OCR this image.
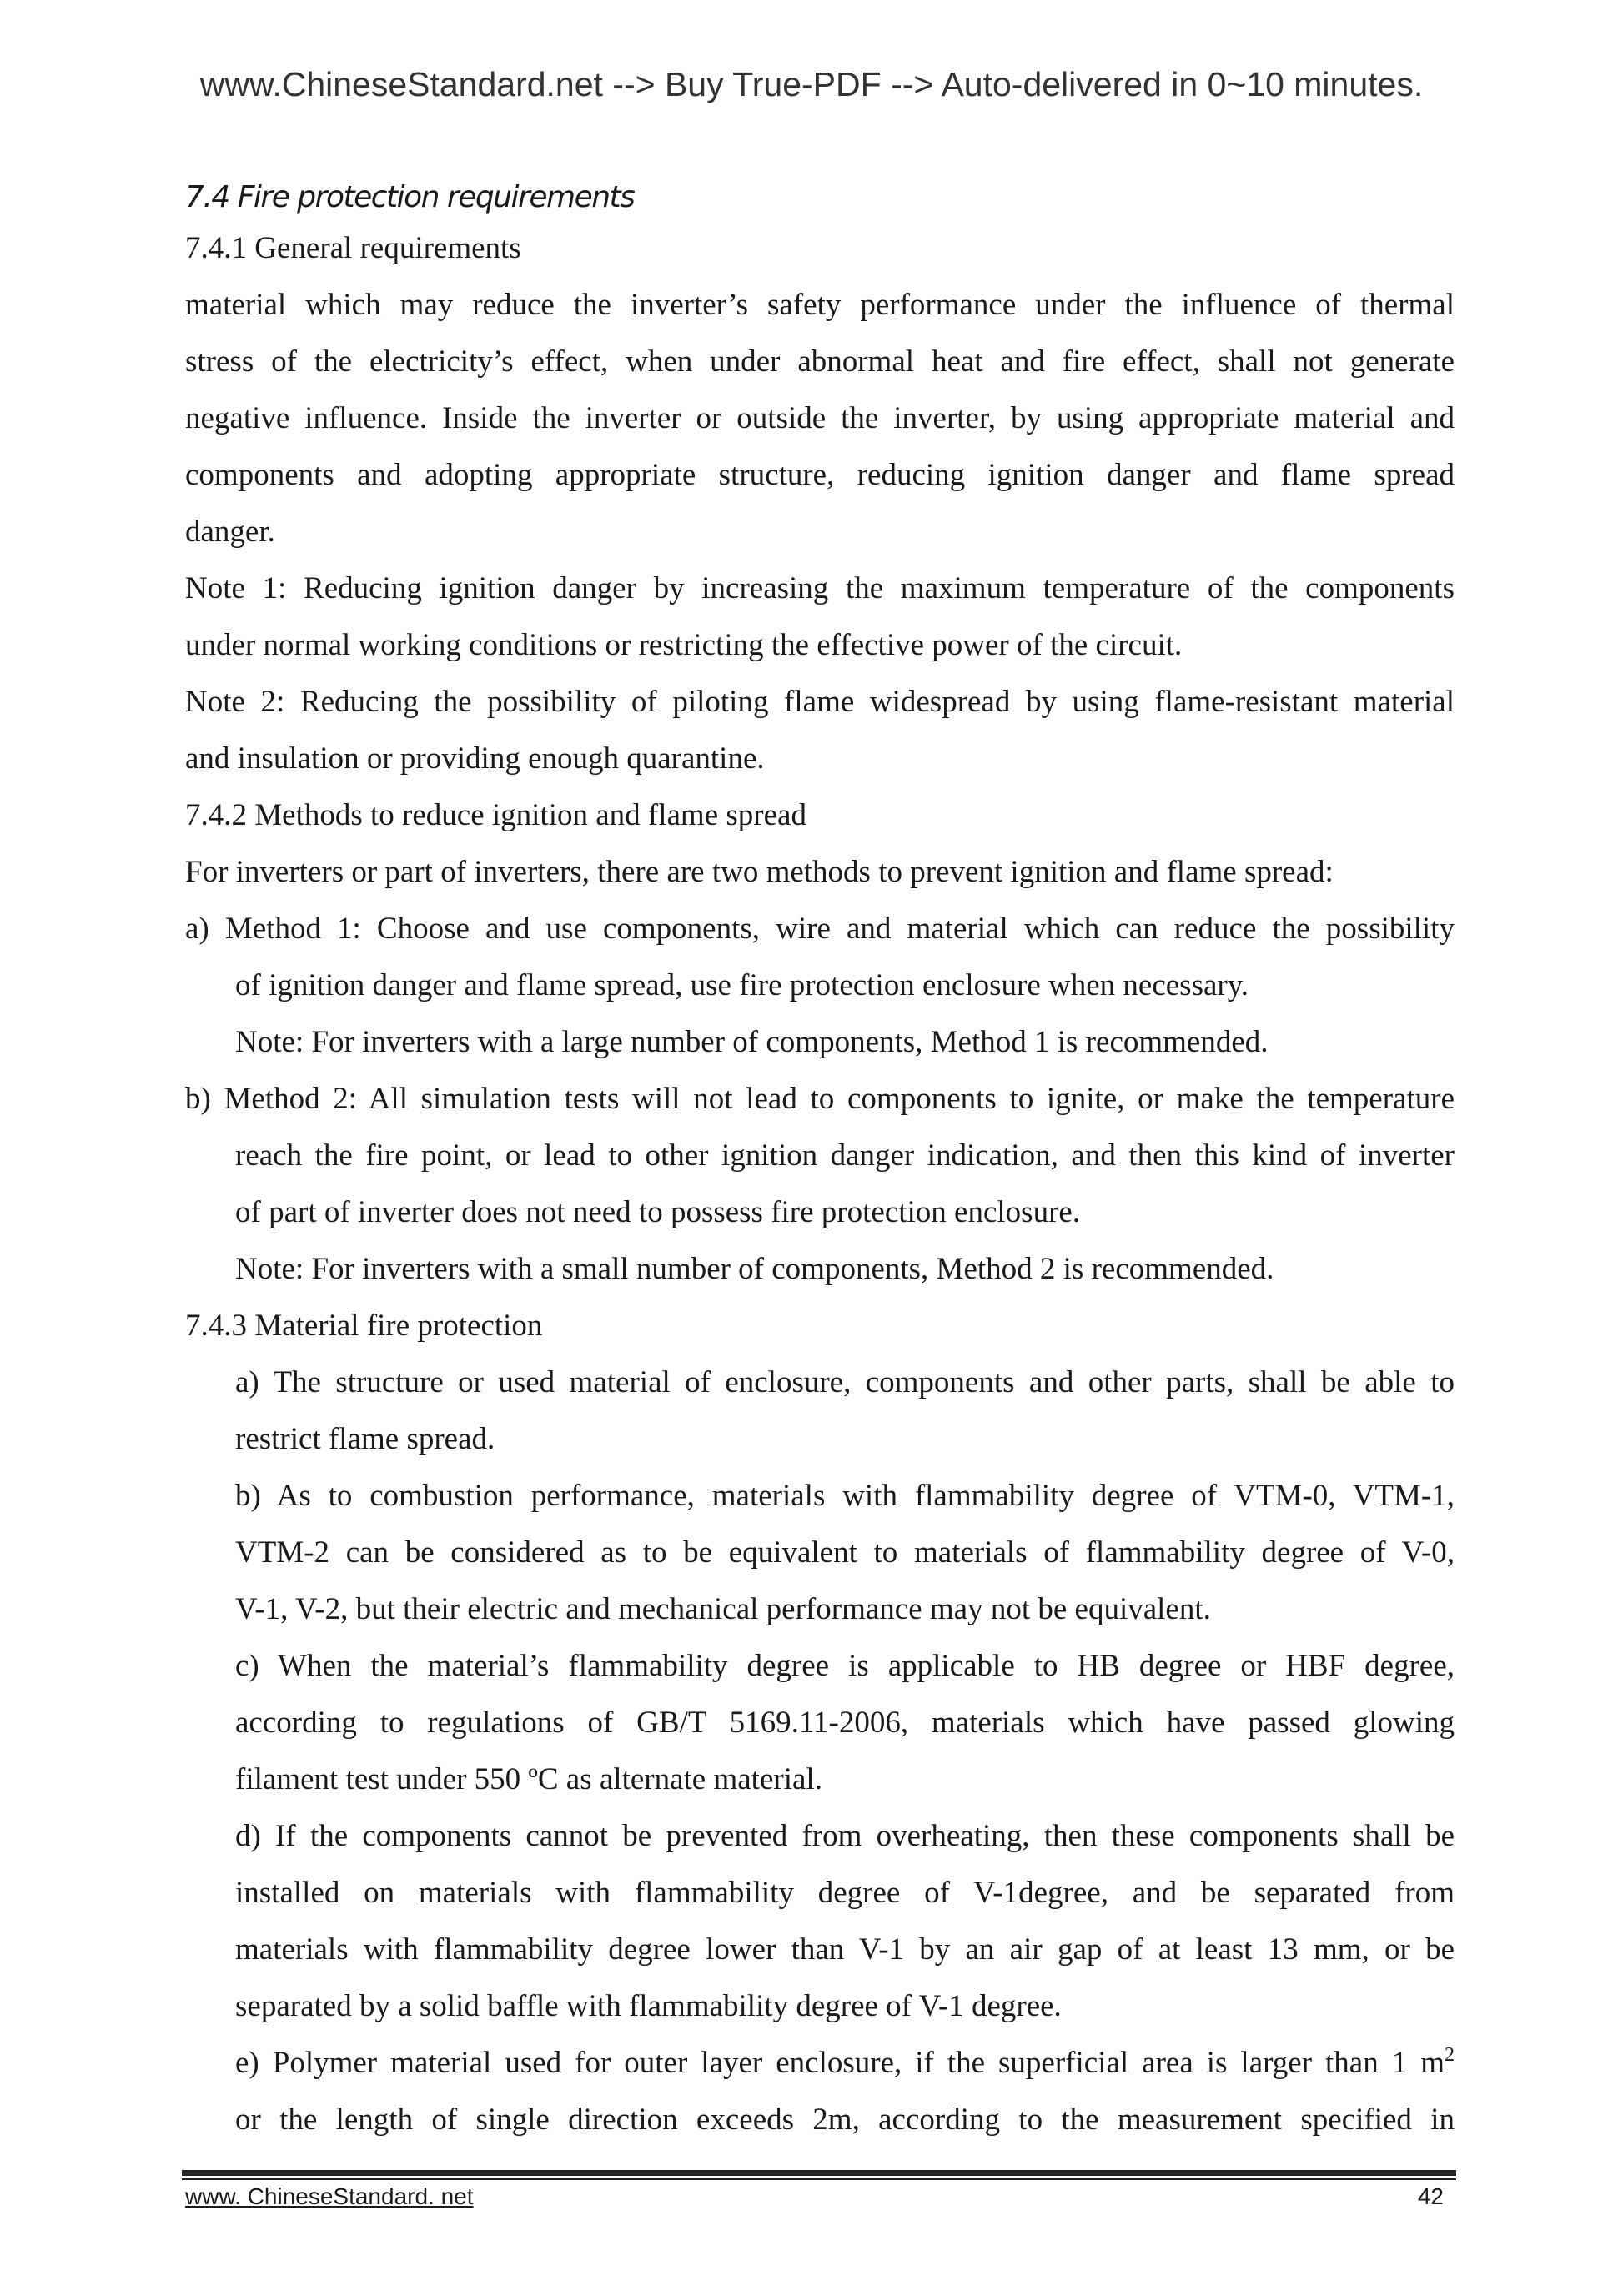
www.ChineseStandard.net --> Buy True-PDF --> Auto-delivered in 0~10 minutes.
7.4 Fire protection requirements
7.4.1 General requirements
material which may reduce the inverter’s safety performance under the influence of thermal
stress of the electricity’s effect, when under abnormal heat and fire effect, shall not generate
negative influence. Inside the inverter or outside the inverter, by using appropriate material and
components and adopting appropriate structure, reducing ignition danger and flame spread
danger.
Note 1: Reducing ignition danger by increasing the maximum temperature of the components
under normal working conditions or restricting the effective power of the circuit.
Note 2: Reducing the possibility of piloting flame widespread by using flame-resistant material
and insulation or providing enough quarantine.
7.4.2 Methods to reduce ignition and flame spread
For inverters or part of inverters, there are two methods to prevent ignition and flame spread:
a) Method 1: Choose and use components, wire and material which can reduce the possibility
of ignition danger and flame spread, use fire protection enclosure when necessary.
Note: For inverters with a large number of components, Method 1 is recommended.
b) Method 2: All simulation tests will not lead to components to ignite, or make the temperature
reach the fire point, or lead to other ignition danger indication, and then this kind of inverter
of part of inverter does not need to possess fire protection enclosure.
Note: For inverters with a small number of components, Method 2 is recommended.
7.4.3 Material fire protection
a) The structure or used material of enclosure, components and other parts, shall be able to
restrict flame spread.
b) As to combustion performance, materials with flammability degree of VTM-0, VTM-1,
VTM-2 can be considered as to be equivalent to materials of flammability degree of V-0,
V-1, V-2, but their electric and mechanical performance may not be equivalent.
c) When the material’s flammability degree is applicable to HB degree or HBF degree,
according to regulations of GB/T 5169.11-2006, materials which have passed glowing
filament test under 550 ºC as alternate material.
d) If the components cannot be prevented from overheating, then these components shall be
installed on materials with flammability degree of V-1degree, and be separated from
materials with flammability degree lower than V-1 by an air gap of at least 13 mm, or be
separated by a solid baffle with flammability degree of V-1 degree.
e) Polymer material used for outer layer enclosure, if the superficial area is larger than 1 $m^2$
or the length of single direction exceeds 2m, according to the measurement specified in
www. ChineseStandard. net	42
